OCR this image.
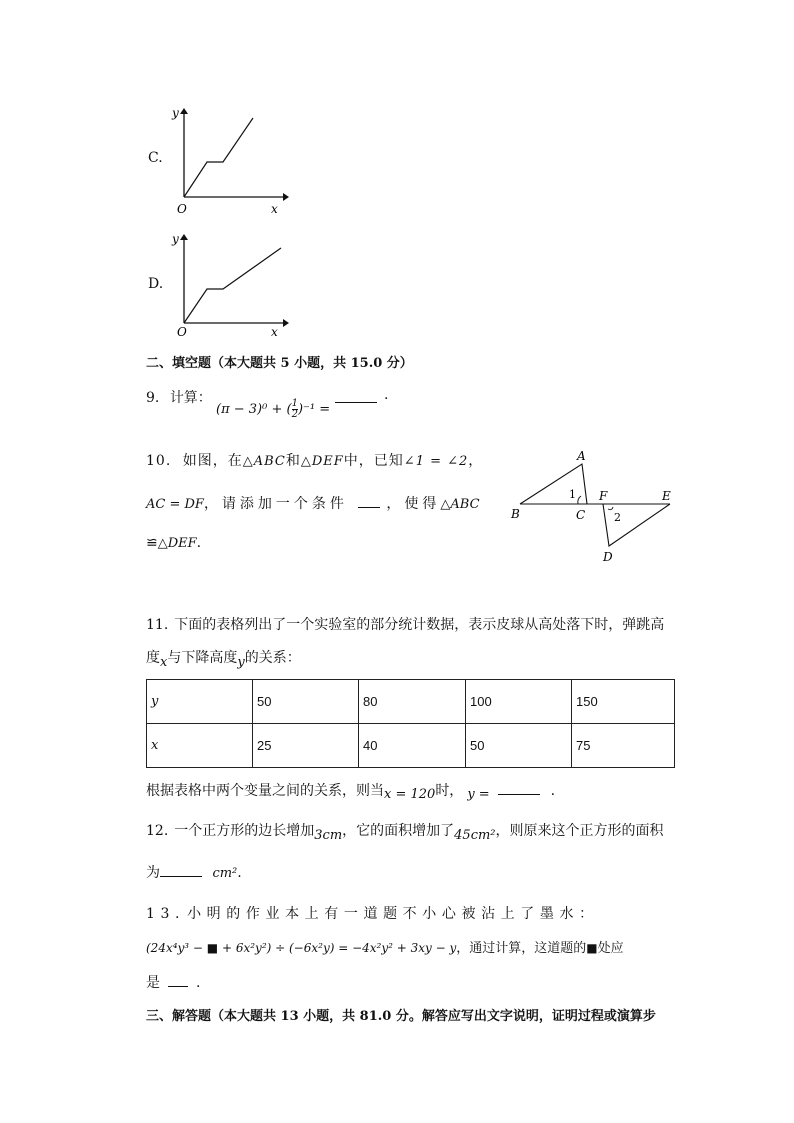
C.
y
x
O
D.
y
x
O
二、填空题（本大题共 5 小题，共 15.0 分）
9. 计算：
(π − 3)⁰ + ( $\frac{1}{2} )^{-1}$ =
.
10. 如图，在△ABC和△DEF中，已知∠1 = ∠2，
AC = DF，请添加一个条件	，使得△ABC
≌△DEF.
A
B	C
D
E
F
1
2
11. 下面的表格列出了一个实验室的部分统计数据，表示皮球从高处落下时，弹跳高
度$_x$与下降高度$_y$的关系：
y	50	80	100	150
x	25	40	50	75
根据表格中两个变量之间的关系，则当x = 120时， y =	.
12. 一个正方形的边长增加3cm，它的面积增加了45cm²，则原来这个正方形的面积
为	cm².
13. 小明的作业本上有一道题不小心被沾上了墨水：
(24x⁴y³ − ■ + 6x²y²) ÷ (−6x²y) = −4x²y² + 3xy − y，通过计算，这道题的■处应
是	.
三、解答题（本大题共 13 小题，共 81.0 分。解答应写出文字说明，证明过程或演算步
